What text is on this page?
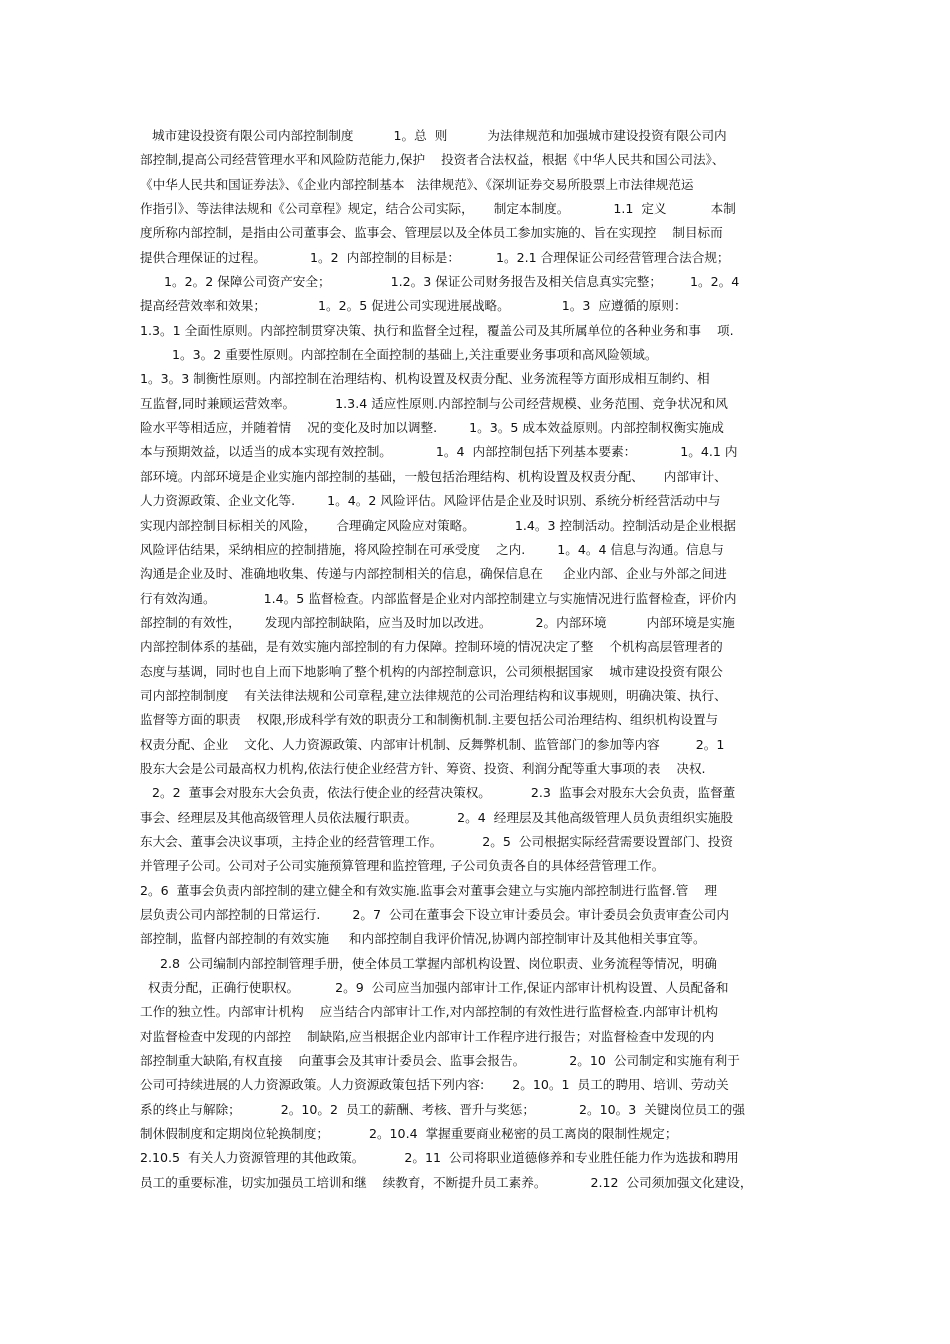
城市建设投资有限公司内部控制制度          1。总  则          为法律规范和加强城市建设投资有限公司内
部控制,提高公司经营管理水平和风险防范能力,保护    投资者合法权益，根据《中华人民共和国公司法》、
《中华人民共和国证券法》、《企业内部控制基本   法律规范》、《深圳证券交易所股票上市法律规范运
作指引》、等法律法规和《公司章程》规定，结合公司实际，     制定本制度。           1.1  定义           本制
度所称内部控制，是指由公司董事会、监事会、管理层以及全体员工参加实施的、旨在实现控    制目标而
提供合理保证的过程。           1。2  内部控制的目标是：         1。2.1 合理保证公司经营管理合法合规；
1。2。2 保障公司资产安全；               1.2。3 保证公司财务报告及相关信息真实完整；       1。2。4
提高经营效率和效果；             1。2。5 促进公司实现进展战略。             1。3  应遵循的原则：
1.3。1 全面性原则。内部控制贯穿决策、执行和监督全过程，覆盖公司及其所属单位的各种业务和事    项.
1。3。2 重要性原则。内部控制在全面控制的基础上,关注重要业务事项和高风险领域。
1。3。3 制衡性原则。内部控制在治理结构、机构设置及权责分配、业务流程等方面形成相互制约、相
互监督,同时兼顾运营效率。          1.3.4 适应性原则.内部控制与公司经营规模、业务范围、竞争状况和风
险水平等相适应，并随着情    况的变化及时加以调整.        1。3。5 成本效益原则。内部控制权衡实施成
本与预期效益，以适当的成本实现有效控制。           1。4  内部控制包括下列基本要素：           1。4.1 内
部环境。内部环境是企业实施内部控制的基础，一般包括治理结构、机构设置及权责分配、     内部审计、
人力资源政策、企业文化等.        1。4。2 风险评估。风险评估是企业及时识别、系统分析经营活动中与
实现内部控制目标相关的风险，     合理确定风险应对策略。          1.4。3 控制活动。控制活动是企业根据
风险评估结果，采纳相应的控制措施，将风险控制在可承受度    之内.        1。4。4 信息与沟通。信息与
沟通是企业及时、准确地收集、传递与内部控制相关的信息，确保信息在     企业内部、企业与外部之间进
行有效沟通。            1.4。5 监督检查。内部监督是企业对内部控制建立与实施情况进行监督检查，评价内
部控制的有效性，      发现内部控制缺陷，应当及时加以改进。           2。内部环境          内部环境是实施
内部控制体系的基础，是有效实施内部控制的有力保障。控制环境的情况决定了整    个机构高层管理者的
态度与基调，同时也自上而下地影响了整个机构的内部控制意识，公司须根据国家    城市建设投资有限公
司内部控制制度    有关法律法规和公司章程,建立法律规范的公司治理结构和议事规则，明确决策、执行、
监督等方面的职责    权限,形成科学有效的职责分工和制衡机制.主要包括公司治理结构、组织机构设置与
权责分配、企业    文化、人力资源政策、内部审计机制、反舞弊机制、监管部门的参加等内容         2。1
股东大会是公司最高权力机构,依法行使企业经营方针、筹资、投资、利润分配等重大事项的表    决权.
2。2  董事会对股东大会负责，依法行使企业的经营决策权。          2.3  监事会对股东大会负责，监督董
事会、经理层及其他高级管理人员依法履行职责。          2。4  经理层及其他高级管理人员负责组织实施股
东大会、董事会决议事项，主持企业的经营管理工作。          2。5  公司根据实际经营需要设置部门、投资
并管理子公司。公司对子公司实施预算管理和监控管理, 子公司负责各自的具体经营管理工作。
2。6  董事会负责内部控制的建立健全和有效实施.监事会对董事会建立与实施内部控制进行监督.管    理
层负责公司内部控制的日常运行.        2。7  公司在董事会下设立审计委员会。审计委员会负责审查公司内
部控制，监督内部控制的有效实施     和内部控制自我评价情况,协调内部控制审计及其他相关事宜等。
2.8  公司编制内部控制管理手册，使全体员工掌握内部机构设置、岗位职责、业务流程等情况，明确
权责分配，正确行使职权。         2。9  公司应当加强内部审计工作,保证内部审计机构设置、人员配备和
工作的独立性。内部审计机构    应当结合内部审计工作,对内部控制的有效性进行监督检查.内部审计机构
对监督检查中发现的内部控    制缺陷,应当根据企业内部审计工作程序进行报告；对监督检查中发现的内
部控制重大缺陷,有权直接    向董事会及其审计委员会、监事会报告。           2。10  公司制定和实施有利于
公司可持续进展的人力资源政策。人力资源政策包括下列内容:       2。10。1  员工的聘用、培训、劳动关
系的终止与解除；          2。10。2  员工的薪酬、考核、晋升与奖惩；           2。10。3  关键岗位员工的强
制休假制度和定期岗位轮换制度；          2。10.4  掌握重要商业秘密的员工离岗的限制性规定；
2.10.5  有关人力资源管理的其他政策。          2。11  公司将职业道德修养和专业胜任能力作为选拔和聘用
员工的重要标准，切实加强员工培训和继    续教育，不断提升员工素养。           2.12  公司须加强文化建设，
